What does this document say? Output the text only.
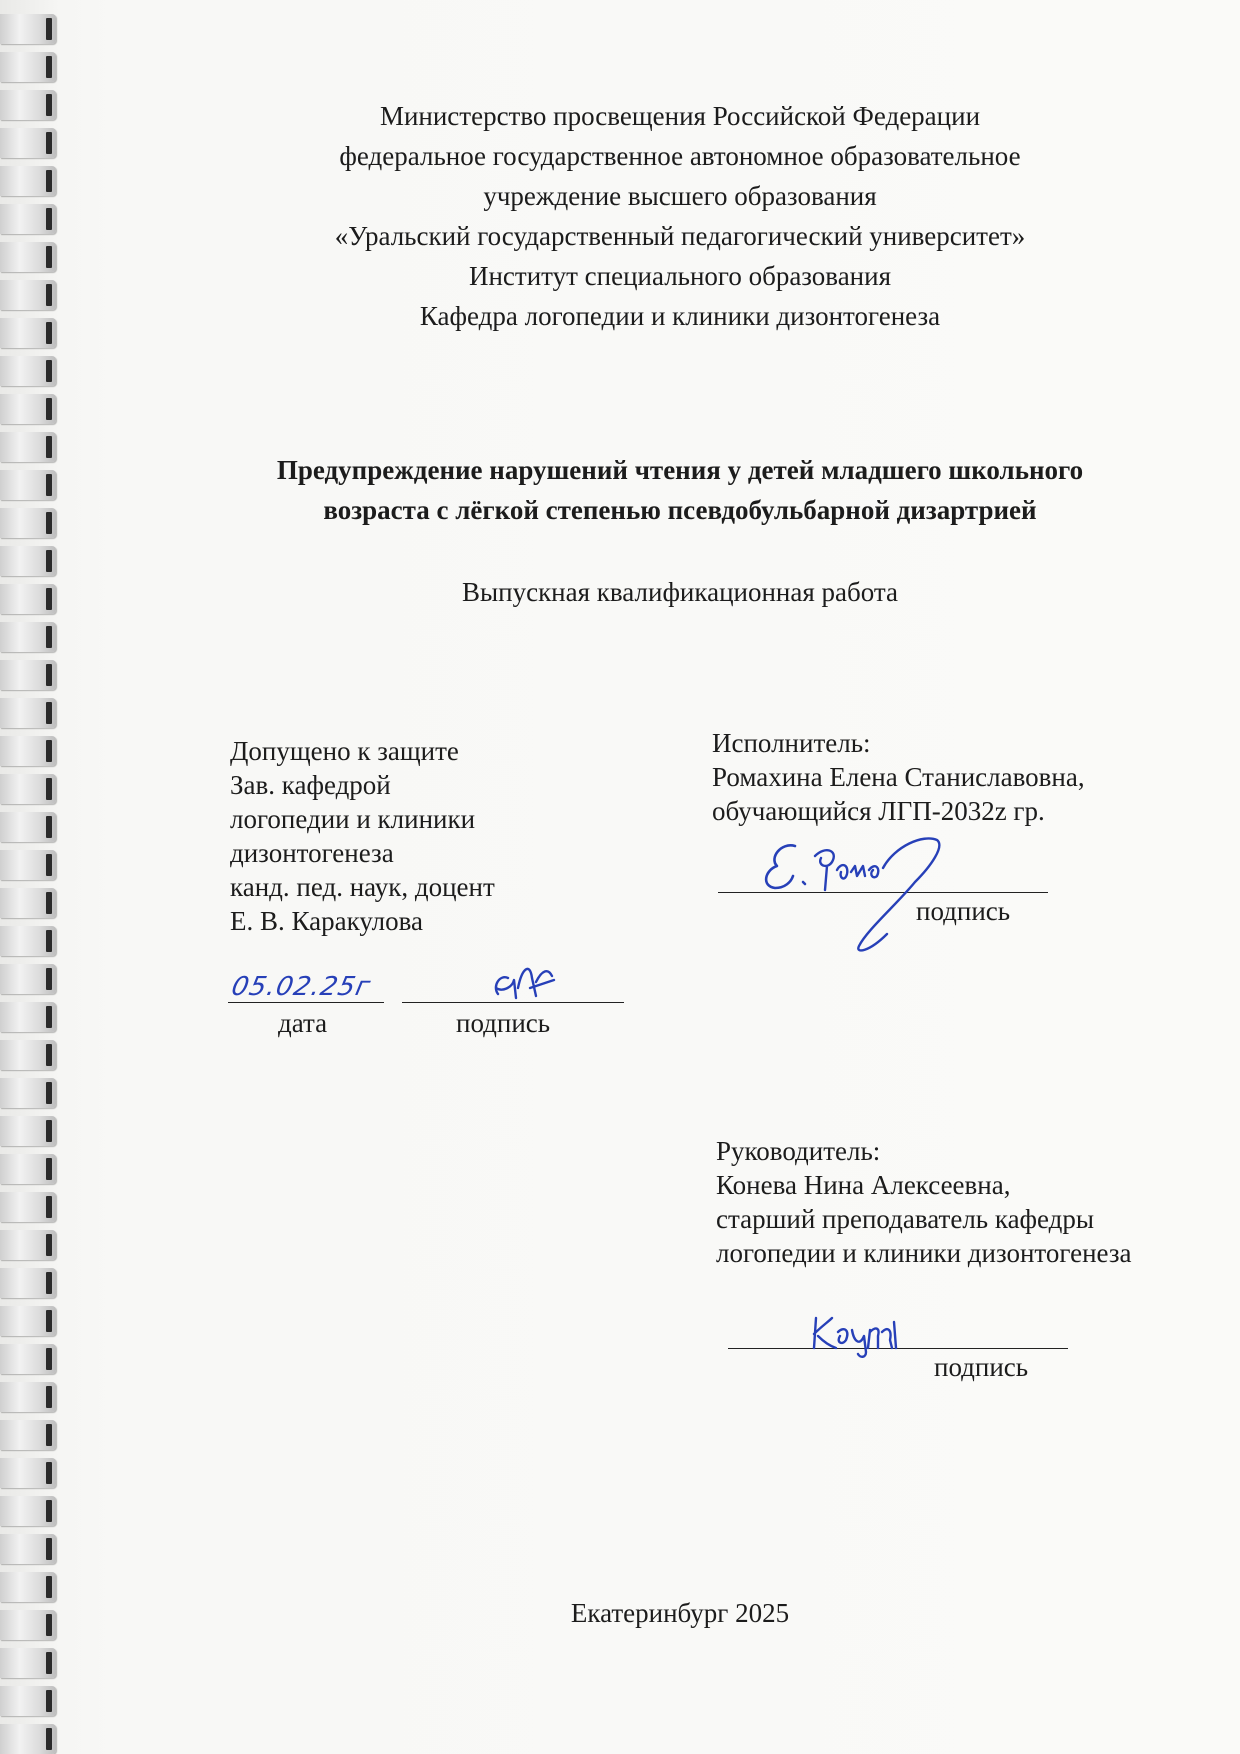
Министерство просвещения Российской Федерации
федеральное государственное автономное образовательное
учреждение высшего образования
«Уральский государственный педагогический университет»
Институт специального образования
Кафедра логопедии и клиники дизонтогенеза
Предупреждение нарушений чтения у детей младшего школьного
возраста с лёгкой степенью псевдобульбарной дизартрией
Выпускная квалификационная работа
Допущено к защите
Зав. кафедрой
логопедии и клиники
дизонтогенеза
канд. пед. наук, доцент
Е. В. Каракулова
05.02.25г
дата	подпись
Исполнитель:
Ромахина Елена Станиславовна,
обучающийся ЛГП-2032z гр.
подпись
Руководитель:
Конева Нина Алексеевна,
старший преподаватель кафедры
логопедии и клиники дизонтогенеза
подпись
Екатеринбург 2025
